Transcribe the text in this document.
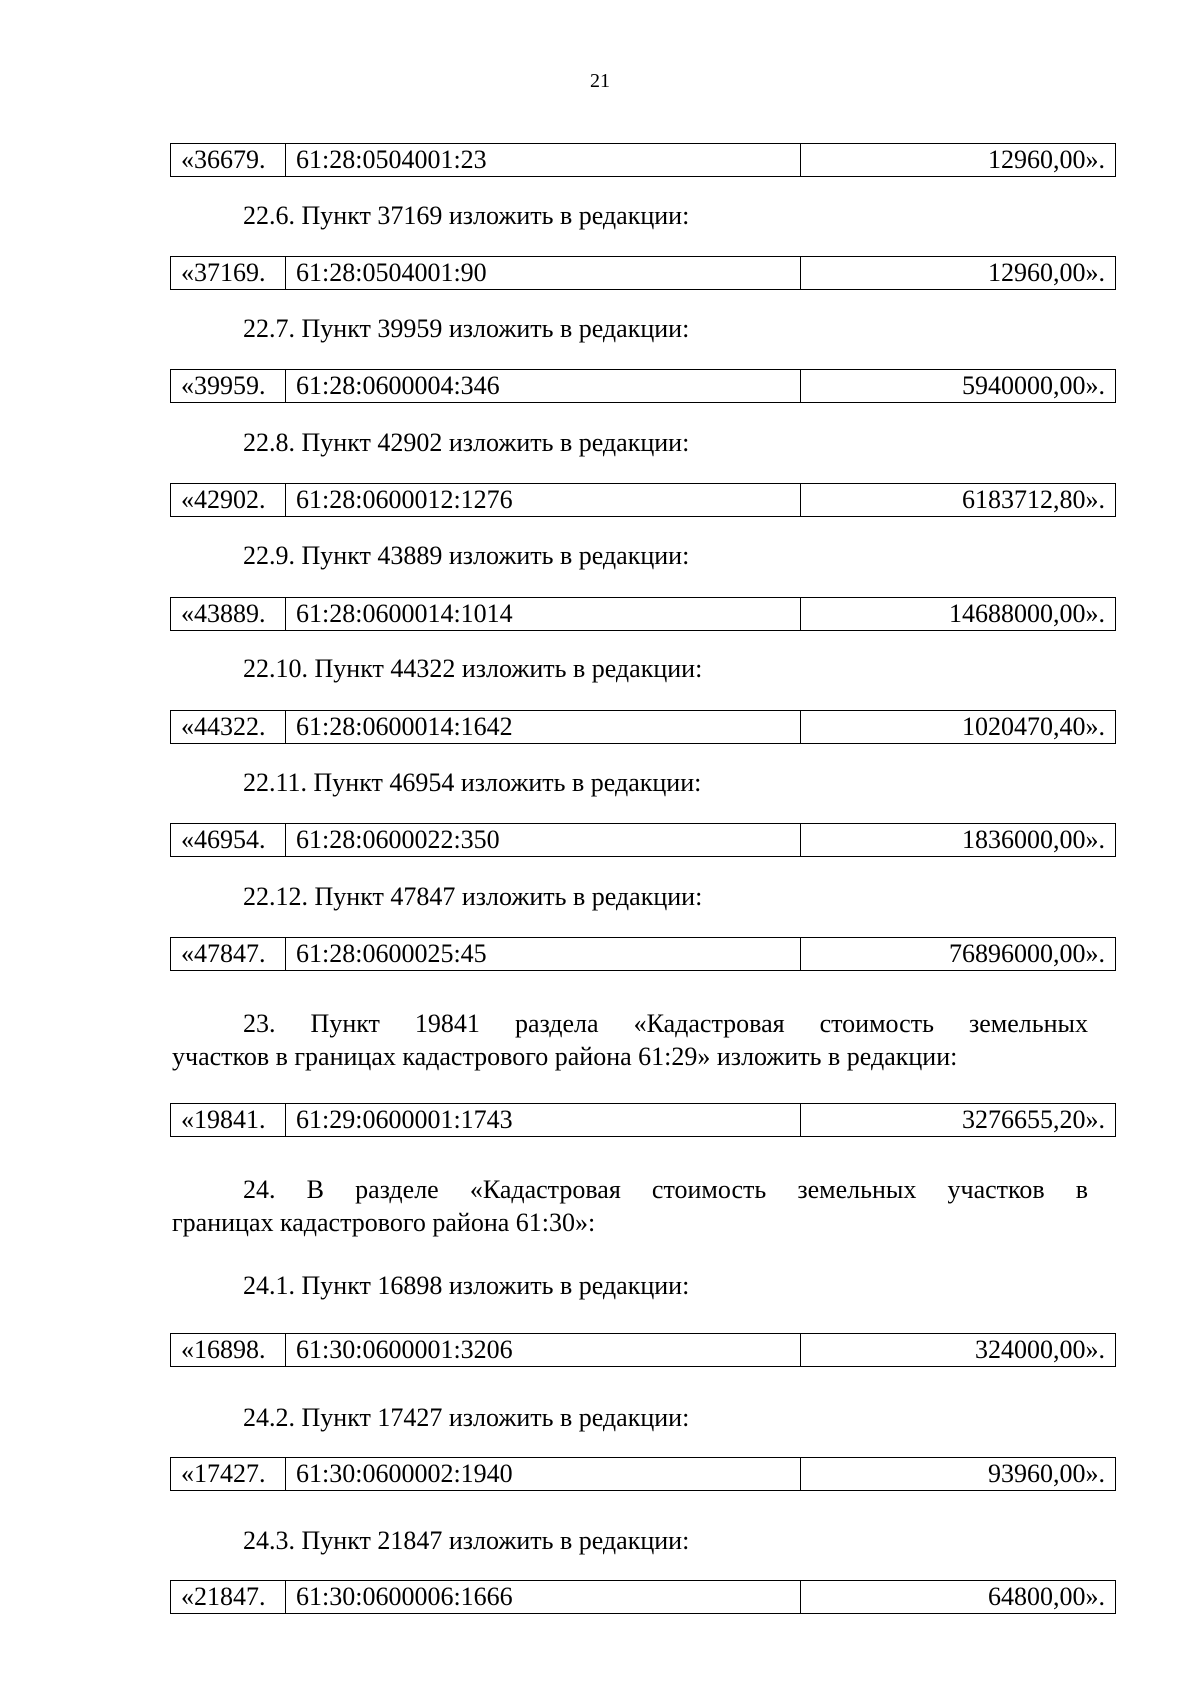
21
«36679.	61:28:0504001:23	12960,00».
22.6. Пункт 37169 изложить в редакции:
«37169.	61:28:0504001:90	12960,00».
22.7. Пункт 39959 изложить в редакции:
«39959.	61:28:0600004:346	5940000,00».
22.8. Пункт 42902 изложить в редакции:
«42902.	61:28:0600012:1276	6183712,80».
22.9. Пункт 43889 изложить в редакции:
«43889.	61:28:0600014:1014	14688000,00».
22.10. Пункт 44322 изложить в редакции:
«44322.	61:28:0600014:1642	1020470,40».
22.11. Пункт 46954 изложить в редакции:
«46954.	61:28:0600022:350	1836000,00».
22.12. Пункт 47847 изложить в редакции:
«47847.	61:28:0600025:45	76896000,00».
23. Пункт 19841 раздела «Кадастровая стоимость земельных
участков в границах кадастрового района 61:29» изложить в редакции:
«19841.	61:29:0600001:1743	3276655,20».
24. В разделе «Кадастровая стоимость земельных участков в
границах кадастрового района 61:30»:
24.1. Пункт 16898 изложить в редакции:
«16898.	61:30:0600001:3206	324000,00».
24.2. Пункт 17427 изложить в редакции:
«17427.	61:30:0600002:1940	93960,00».
24.3. Пункт 21847 изложить в редакции:
«21847.	61:30:0600006:1666	64800,00».
